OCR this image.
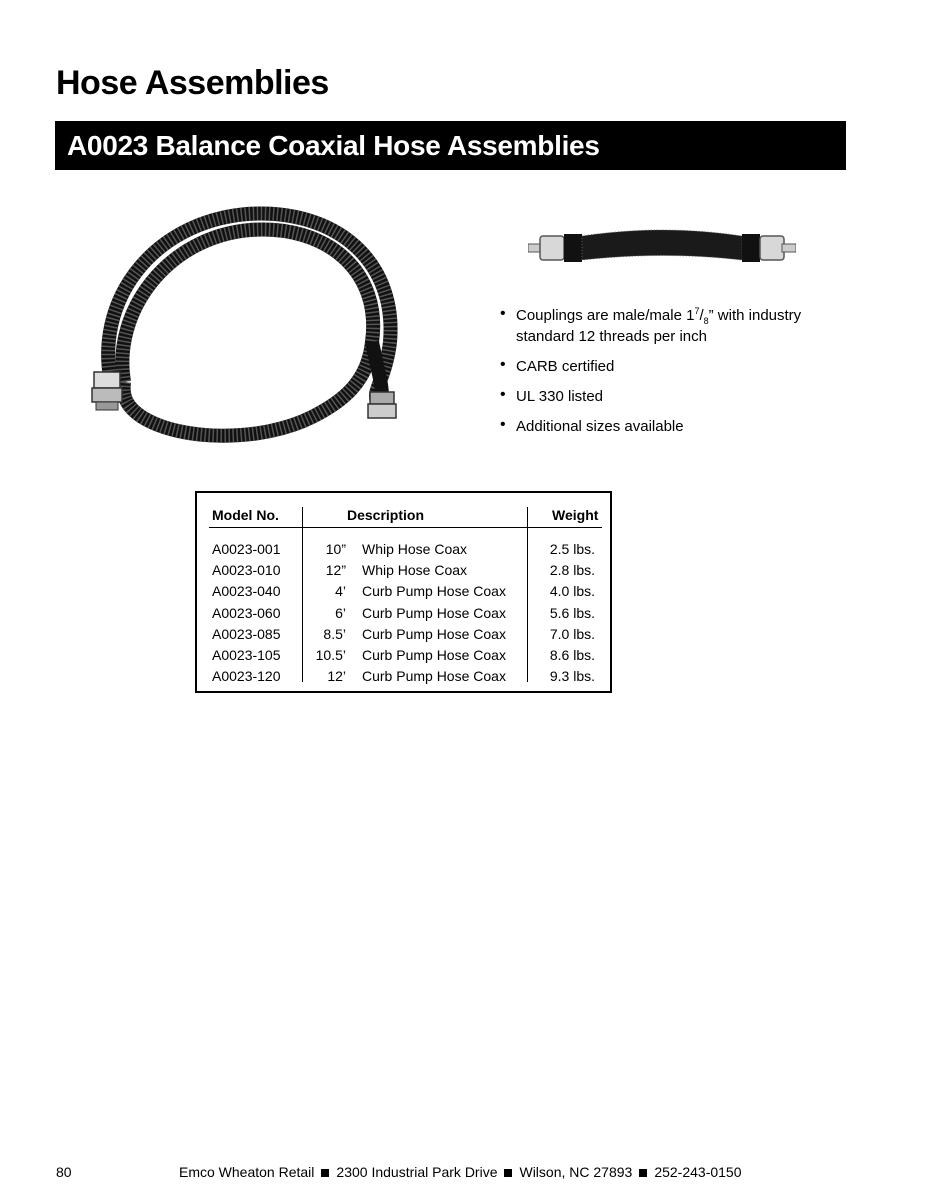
Hose Assemblies
A0023 Balance Coaxial Hose Assemblies
• Couplings are male/male $1^7/_8$” with industry standard 12 threads per inch
• CARB certified
• UL 330 listed
• Additional sizes available
Model No.	Description	Weight
A0023-001	10” Whip Hose Coax	2.5 lbs.
A0023-010	12” Whip Hose Coax	2.8 lbs.
A0023-040	4’ Curb Pump Hose Coax	4.0 lbs.
A0023-060	6’ Curb Pump Hose Coax	5.6 lbs.
A0023-085	8.5’ Curb Pump Hose Coax	7.0 lbs.
A0023-105	10.5’ Curb Pump Hose Coax	8.6 lbs.
A0023-120	12’ Curb Pump Hose Coax	9.3 lbs.
80	Emco Wheaton Retail 2300 Industrial Park Drive Wilson, NC 27893 252-243-0150
